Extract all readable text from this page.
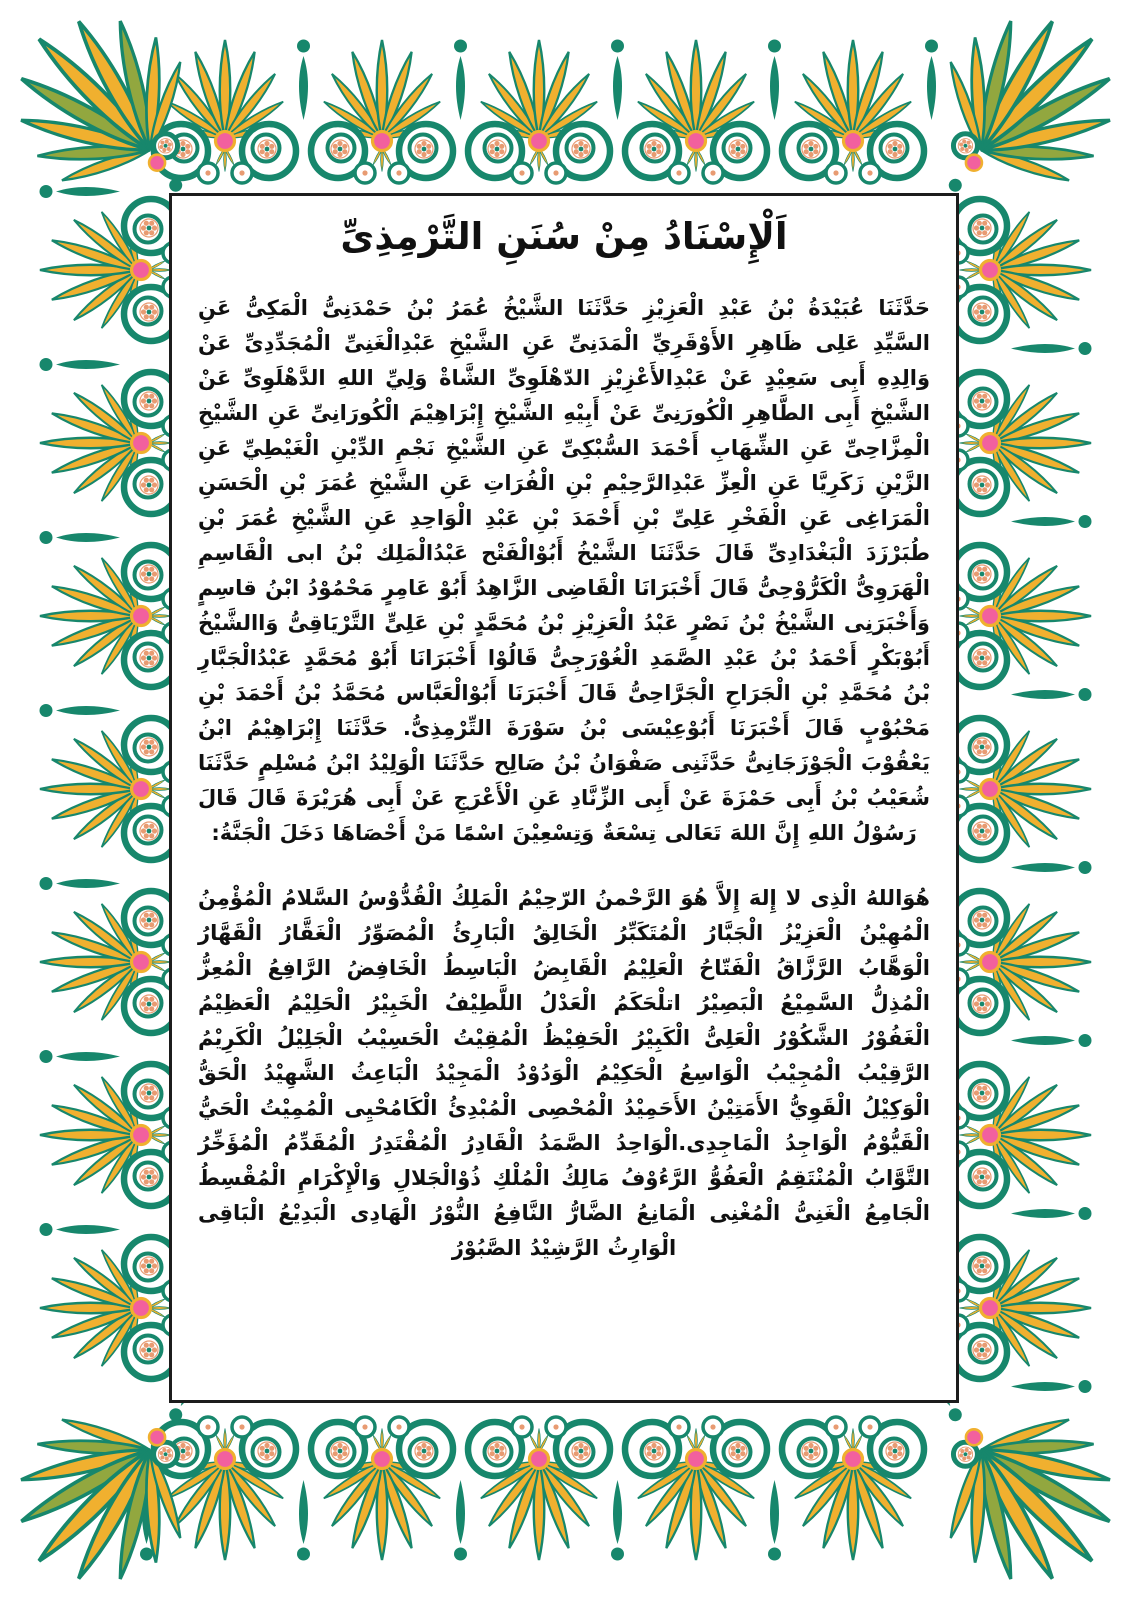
اَلْإِسْنَادُ مِنْ سُنَنِ التَّرْمِذِىِّ

حَدَّثَنَا عُبَيْدَةُ بْنُ عَبْدِ الْعَزِيْزِ حَدَّثَنَا الشَّيْخُ عُمَرُ بْنُ حَمْدَنِىُّ الْمَكِىُّ عَنِ السَّيِّدِ عَلِى ظَاهِرِ الأَوْقَرِيِّ الْمَدَنِىِّ عَنِ الشَّيْخِ عَبْدِالْغَنِىِّ الْمُجَدِّدِىِّ عَنْ وَالِدِهِ أَبِى سَعِيْدٍ عَنْ عَبْدِالأَعْزِيْزِ الدّهْلَوِىِّ الشَّاةْ وَلِيِّ اللهِ الدَّهْلَوِىِّ عَنْ الشَّيْخِ أَبِى الطَّاهِرِ الْكُورَنِىِّ عَنْ أَبِيْهِ الشَّيْخِ إِبْرَاهِيْمَ الْكُورَانِىِّ عَنِ الشَّيْخِ الْمِزَّاحِىِّ عَنِ الشِّهَابِ أَحْمَدَ السُّبْكِىِّ عَنِ الشَّيْخِ نَجْمِ الدِّيْنِ الْغَيْطِيِّ عَنِ الزَّيْنِ زَكَرِيَّا عَنِ الْعِزِّ عَبْدِالرَّحِيْمِ بْنِ الْفُرَاتِ عَنِ الشَّيْخِ عُمَرَ بْنِ الْحَسَنِ الْمَرَاغِى عَنِ الْفَخْرِ عَلِىِّ بْنِ أَحْمَدَ بْنِ عَبْدِ الْوَاحِدِ عَنِ الشَّيْخِ عُمَرَ بْنِ طُبَرْزَدَ الْبَغْدَادِىِّ قَالَ حَدَّثَنَا الشَّيْخُ أَبُوْالْفَتْح عَبْدُالْمَلِك بْنُ ابى الْقَاسِمِ الْهَرَوِىُّ الْكَرُّوْحِىُّ قَالَ أَخْبَرَانَا الْقَاضِى الزَّاهِدُ أَبُوْ عَامِرٍ مَحْمُوْدُ ابْنُ قاسِمٍ وَأَخْبَرَنِى الشَّيْخُ بْنُ نَصْرٍ عَبْدُ الْعَزِيْزِ بْنُ مُحَمَّدٍ بْنِ عَلِىٍّ التَّرْيَاقِىُّ وَاالشَّيْخُ أَبُوْبَكْرٍ أَحْمَدُ بْنُ عَبْدِ الصَّمَدِ الْغُوْرَجِىُّ قَالُوْا أَخْبَرَانَا أَبُوْ مُحَمَّدٍ عَبْدُالْجَبَّارِ بْنُ مُحَمَّدِ بْنِ الْجَرَاحِ الْجَرَّاحِىُّ قَالَ أَخْبَرَنَا أَبُوْالْعَبَّاس مُحَمَّدُ بْنُ أَحْمَدَ بْنِ مَحْبُوْبٍ قَالَ أَخْبَرَنَا أَبُوْعِيْسَى بْنُ سَوْرَةَ التِّرْمِذِىُّ. حَدَّثَنَا إِبْرَاهِيْمُ ابْنُ يَعْقُوْبَ الْجَوْزَجَانِىُّ حَدَّثَنِى صَفْوَانُ بْنُ صَالِح حَدَّثَنَا الْوَلِيْدُ ابْنُ مُسْلِمٍ حَدَّثَنَا شُعَيْبُ بْنُ أَبِى حَمْزَةَ عَنْ أَبِى الزِّنَّادِ عَنِ الْأَعْرَجِ عَنْ أَبِى هُرَيْرَةَ قَالَ قَالَ رَسُوْلُ اللهِ إِنَّ اللهَ تَعَالى تِسْعَةٌ وَتِسْعِيْنَ اسْمًا مَنْ أَحْصَاهَا دَخَلَ الْجَنَّةُ:

هُوَاللهُ الْذِى لا إِلهَ إِلاَّ هُوَ الرَّحْمنُ الرّحِيْمُ الْمَلِكُ الْقُدُّوْسُ السَّلامُ الْمُؤْمِنُ الْمُهِيْنُ الْعَزِيْزُ الْجَبَّارُ الْمُتَكَبِّرُ الْخَالِقُ الْبَارِئُ الْمُصَوِّرُ الْغَقَّارُ الْقَهَّارُ الْوَهَّابُ الرَّزَّاقُ الْفَتّاحُ الْعَلِيْمُ الْقَابِضُ الْبَاسِطُ الْخَافِضُ الرَّافِعُ الْمُعِزُّ الْمُذِلُّ السَّمِيْعُ الْبَصِيْرُ اتلْحَكَمُ الْعَدْلُ اللَّطِيْفُ الْخَبِيْرُ الْحَلِيْمُ الْعَظِيْمُ الْغَفُوْرُ الشَّكُوْرُ الْعَلِىُّ الْكَبِيْرُ الْحَفِيْظُ الْمُقِيْتُ الْحَسِيْبُ الْجَلِيْلُ الْكَرِيْمُ الرَّقِيْبُ الْمُجِيْبُ الْوَاسِعُ الْحَكِيْمُ الْوَدُوْدُ الْمَجِيْدُ الْبَاعِثُ الشَّهِيْدُ الْحَقُّ الْوَكِيْلُ الْقَوِيُّ الأَمَتِيْنُ الأَحَمِيْدُ الْمُحْصِى الْمُبْدِئُ الْكَامُحْيِى الْمُمِيْتُ الْحَيُّ الْقَيُّوْمُ الْوَاجِدُ الْمَاجِدِى.الْوَاحِدُ الصَّمَدُ الْقَادِرُ الْمُقْتَدِرُ الْمُقَدِّمُ الْمُؤَخِّرُ التَّوَّابُ الْمُنْتَقِمُ الْعَفُوُّ الرَّءُوْفُ مَالِكُ الْمُلْكِ ذُوْالْجَلالِ وَالْإِكْرَامِ الْمُقْسِطُ الْجَامِعُ الْغَنِىُّ الْمُغْنِى الْمَانِعُ الضَّارُّ النَّافِعُ النُّوْرُ الْهَادِى الْبَدِيْعُ الْبَاقِى الْوَارِثُ الرَّشِيْدُ الصَّبُوْرُ
